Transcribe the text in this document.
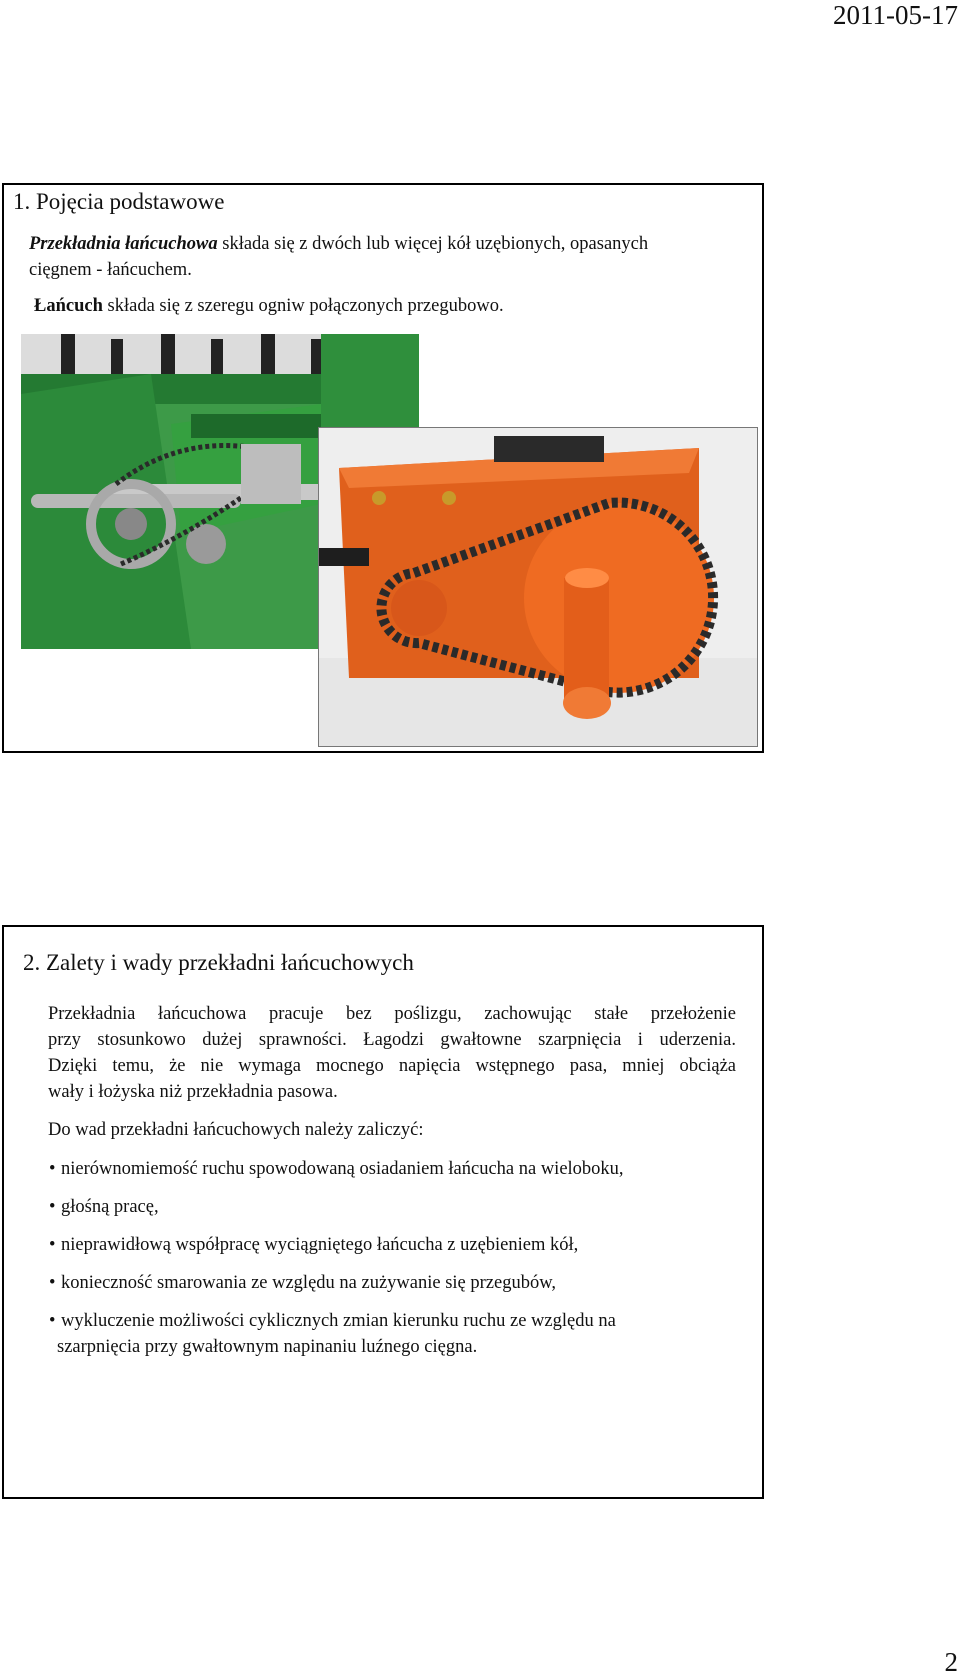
2011-05-17
1. Pojęcia podstawowe
Przekładnia łańcuchowa składa się z dwóch lub więcej kół uzębionych, opasanych
cięgnem - łańcuchem.
Łańcuch składa się z szeregu ogniw połączonych przegubowo.
2. Zalety i wady przekładni łańcuchowych
Przekładnia łańcuchowa pracuje bez poślizgu, zachowując stałe przełożenie
przy stosunkowo dużej sprawności. Łagodzi gwałtowne szarpnięcia i uderzenia.
Dzięki temu, że nie wymaga mocnego napięcia wstępnego pasa, mniej obciąża
wały i łożyska niż przekładnia pasowa.
Do wad przekładni łańcuchowych należy zaliczyć:
• nierównomiemość ruchu spowodowaną osiadaniem łańcucha na wieloboku,
• głośną pracę,
• nieprawidłową współpracę wyciągniętego łańcucha z uzębieniem kół,
• konieczność smarowania ze względu na zużywanie się przegubów,
• wykluczenie możliwości cyklicznych zmian kierunku ruchu ze względu na
szarpnięcia przy gwałtownym napinaniu luźnego cięgna.
2
